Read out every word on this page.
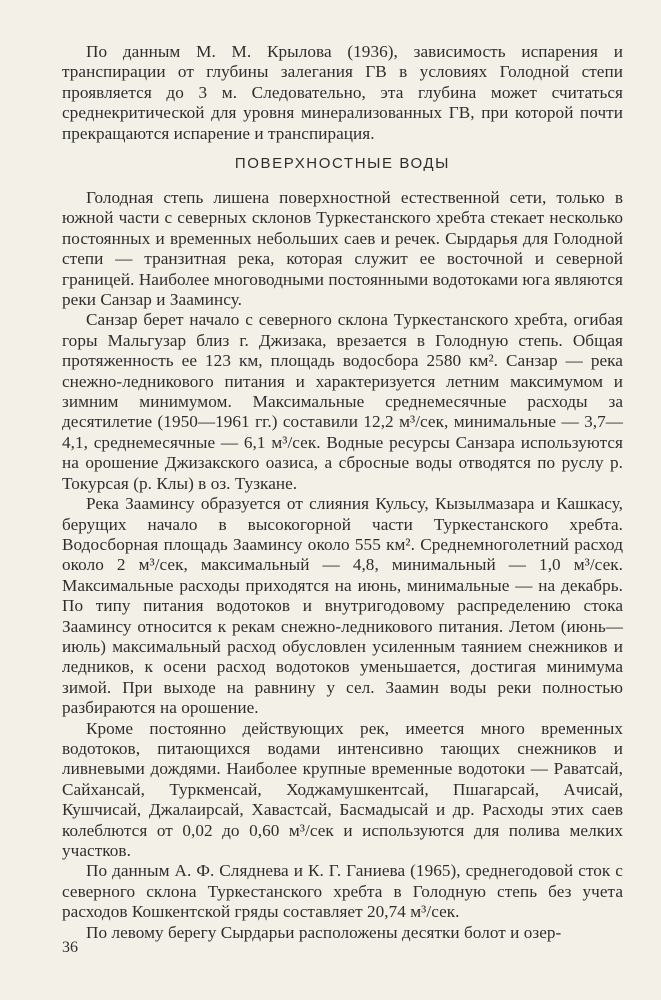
По данным М. М. Крылова (1936), зависимость испарения и транспирации от глубины залегания ГВ в условиях Голодной степи проявляется до 3 м. Следовательно, эта глубина может считаться среднекритической для уровня минерализованных ГВ, при которой почти прекращаются испарение и транспирация.

ПОВЕРХНОСТНЫЕ ВОДЫ

Голодная степь лишена поверхностной естественной сети, только в южной части с северных склонов Туркестанского хребта стекает несколько постоянных и временных небольших саев и речек. Сырдарья для Голодной степи — транзитная река, которая служит ее восточной и северной границей. Наиболее многоводными постоянными водотоками юга являются реки Санзар и Зааминсу.

Санзар берет начало с северного склона Туркестанского хребта, огибая горы Мальгузар близ г. Джизака, врезается в Голодную степь. Общая протяженность ее 123 км, площадь водосбора 2580 км². Санзар — река снежно-ледникового питания и характеризуется летним максимумом и зимним минимумом. Максимальные среднемесячные расходы за десятилетие (1950—1961 гг.) составили 12,2 м³/сек, минимальные — 3,7—4,1, среднемесячные — 6,1 м³/сек. Водные ресурсы Санзара используются на орошение Джизакского оазиса, а сбросные воды отводятся по руслу р. Токурсая (р. Клы) в оз. Тузкане.

Река Зааминсу образуется от слияния Кульсу, Кызылмазара и Кашкасу, берущих начало в высокогорной части Туркестанского хребта. Водосборная площадь Зааминсу около 555 км². Среднемноголетний расход около 2 м³/сек, максимальный — 4,8, минимальный — 1,0 м³/сек. Максимальные расходы приходятся на июнь, минимальные — на декабрь. По типу питания водотоков и внутригодовому распределению стока Зааминсу относится к рекам снежно-ледникового питания. Летом (июнь—июль) максимальный расход обусловлен усиленным таянием снежников и ледников, к осени расход водотоков уменьшается, достигая минимума зимой. При выходе на равнину у сел. Заамин воды реки полностью разбираются на орошение.

Кроме постоянно действующих рек, имеется много временных водотоков, питающихся водами интенсивно тающих снежников и ливневыми дождями. Наиболее крупные временные водотоки — Раватсай, Сайхансай, Туркменсай, Ходжамушкентсай, Пшагарсай, Ачисай, Кушчисай, Джалаирсай, Хавастсай, Басмадысай и др. Расходы этих саев колеблются от 0,02 до 0,60 м³/сек и используются для полива мелких участков.

По данным А. Ф. Сляднева и К. Г. Ганиева (1965), среднегодовой сток с северного склона Туркестанского хребта в Голодную степь без учета расходов Кошкентской гряды составляет 20,74 м³/сек.

По левому берегу Сырдарьи расположены десятки болот и озер-

36
